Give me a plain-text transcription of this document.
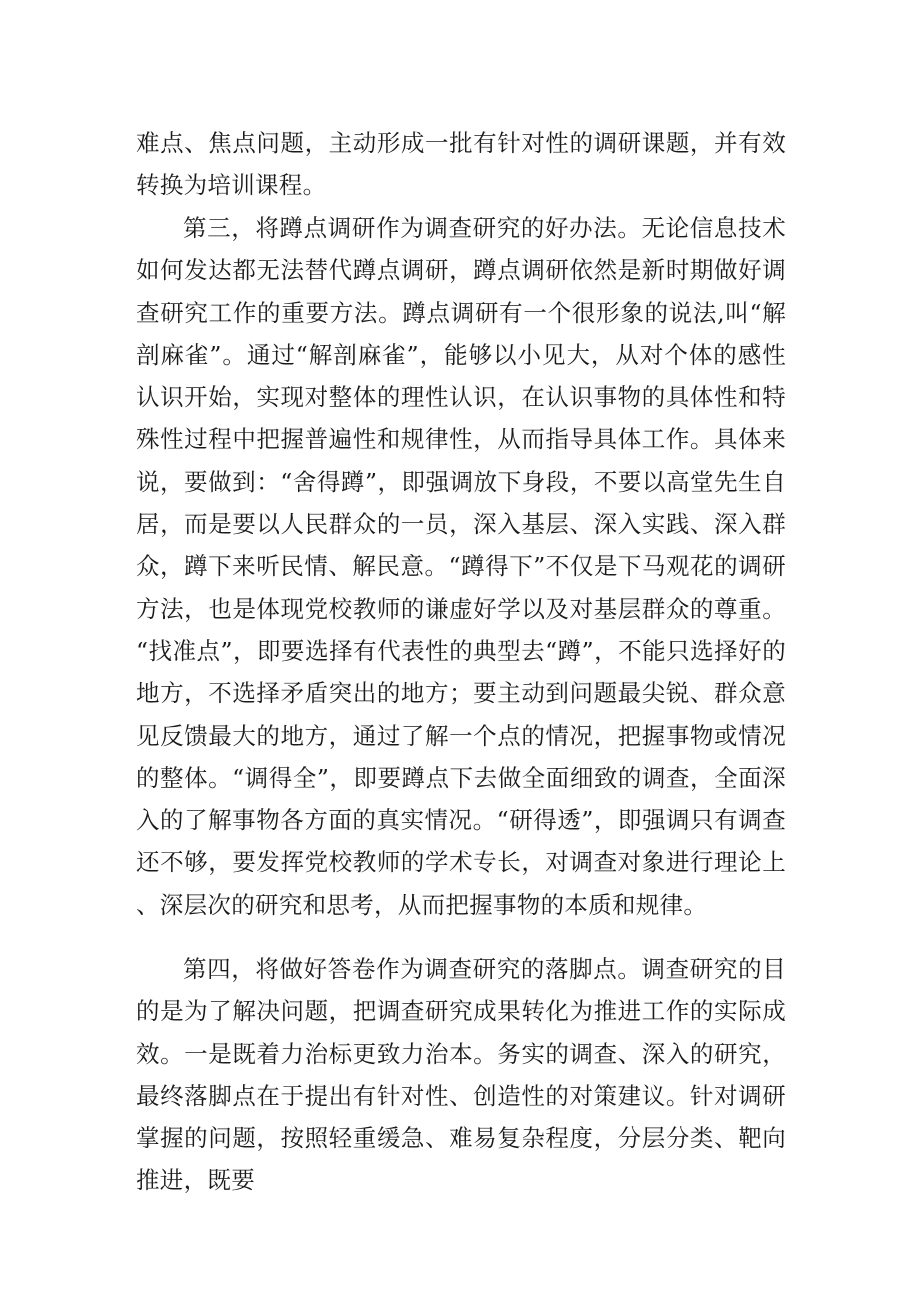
难点、焦点问题，主动形成一批有针对性的调研课题，并有效转换为培训课程。

第三，将蹲点调研作为调查研究的好办法。无论信息技术如何发达都无法替代蹲点调研，蹲点调研依然是新时期做好调查研究工作的重要方法。蹲点调研有一个很形象的说法,叫“解剖麻雀”。通过“解剖麻雀”，能够以小见大，从对个体的感性认识开始，实现对整体的理性认识，在认识事物的具体性和特殊性过程中把握普遍性和规律性，从而指导具体工作。具体来说，要做到：“舍得蹲”，即强调放下身段，不要以高堂先生自居，而是要以人民群众的一员，深入基层、深入实践、深入群众，蹲下来听民情、解民意。“蹲得下”不仅是下马观花的调研方法，也是体现党校教师的谦虚好学以及对基层群众的尊重。“找准点”，即要选择有代表性的典型去“蹲”，不能只选择好的地方，不选择矛盾突出的地方；要主动到问题最尖锐、群众意见反馈最大的地方，通过了解一个点的情况，把握事物或情况的整体。“调得全”，即要蹲点下去做全面细致的调查，全面深入的了解事物各方面的真实情况。“研得透”，即强调只有调查还不够，要发挥党校教师的学术专长，对调查对象进行理论上、深层次的研究和思考，从而把握事物的本质和规律。

第四，将做好答卷作为调查研究的落脚点。调查研究的目的是为了解决问题，把调查研究成果转化为推进工作的实际成效。一是既着力治标更致力治本。务实的调查、深入的研究，最终落脚点在于提出有针对性、创造性的对策建议。针对调研掌握的问题，按照轻重缓急、难易复杂程度，分层分类、靶向推进，既要
